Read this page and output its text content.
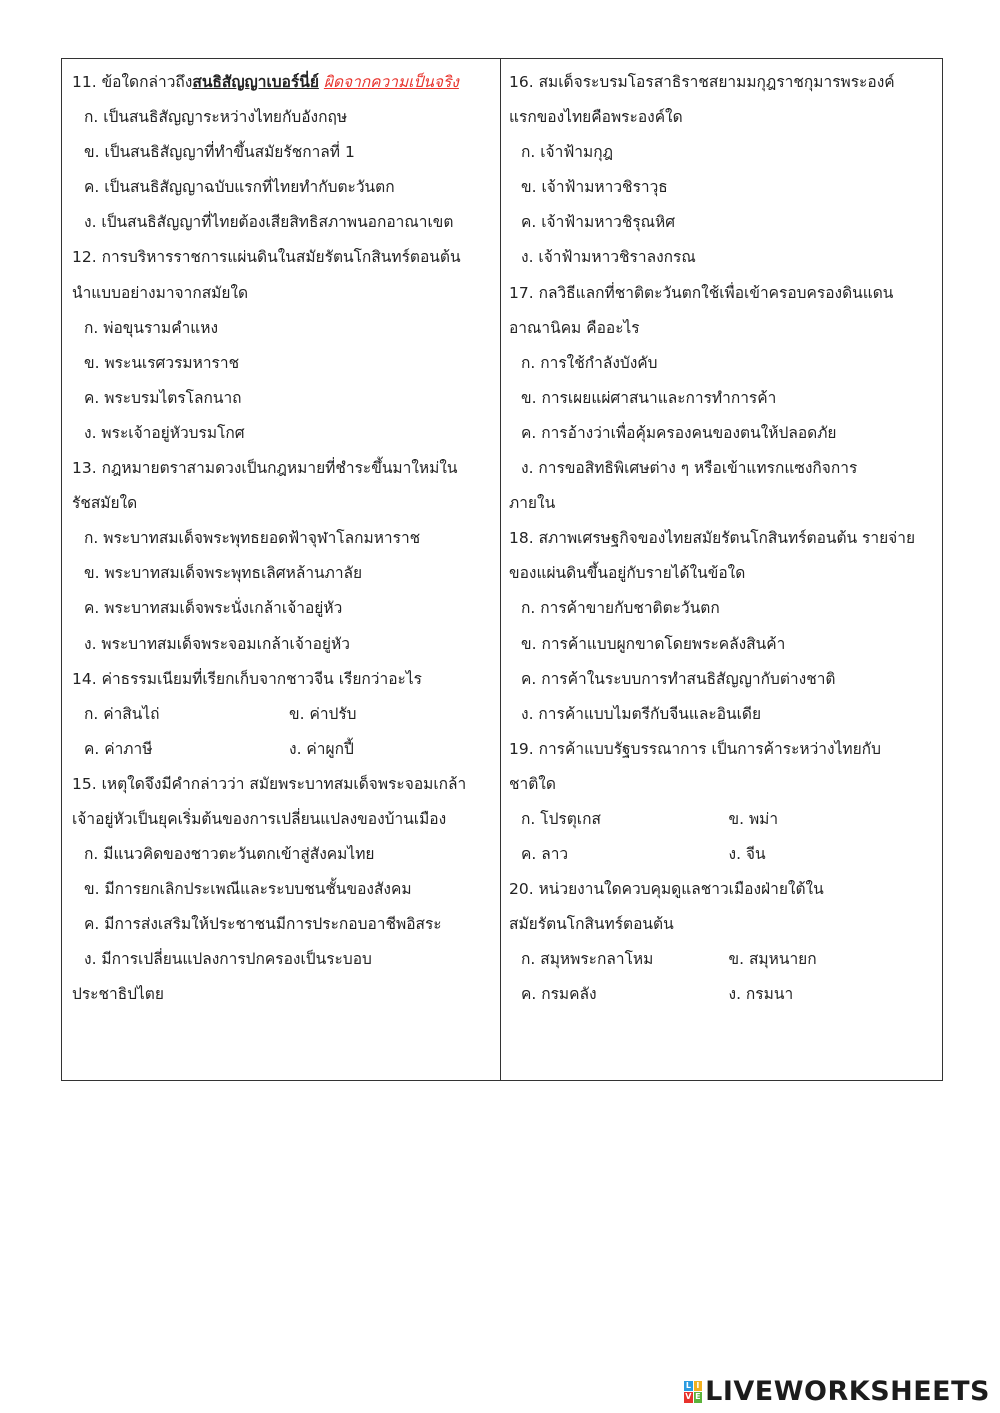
11. ข้อใดกล่าวถึงสนธิสัญญาเบอร์นี่ย์ ผิดจากความเป็นจริง
ก. เป็นสนธิสัญญาระหว่างไทยกับอังกฤษ
ข. เป็นสนธิสัญญาที่ทำขึ้นสมัยรัชกาลที่ 1
ค. เป็นสนธิสัญญาฉบับแรกที่ไทยทำกับตะวันตก
ง. เป็นสนธิสัญญาที่ไทยต้องเสียสิทธิสภาพนอกอาณาเขต
12. การบริหารราชการแผ่นดินในสมัยรัตนโกสินทร์ตอนต้น
นำแบบอย่างมาจากสมัยใด
ก. พ่อขุนรามคำแหง
ข. พระนเรศวรมหาราช
ค. พระบรมไตรโลกนาถ
ง. พระเจ้าอยู่หัวบรมโกศ
13. กฎหมายตราสามดวงเป็นกฎหมายที่ชำระขึ้นมาใหม่ใน
รัชสมัยใด
ก. พระบาทสมเด็จพระพุทธยอดฟ้าจุฬาโลกมหาราช
ข. พระบาทสมเด็จพระพุทธเลิศหล้านภาลัย
ค. พระบาทสมเด็จพระนั่งเกล้าเจ้าอยู่หัว
ง. พระบาทสมเด็จพระจอมเกล้าเจ้าอยู่หัว
14. ค่าธรรมเนียมที่เรียกเก็บจากชาวจีน เรียกว่าอะไร
ก. ค่าสินไถ่	ข. ค่าปรับ
ค. ค่าภาษี	ง. ค่าผูกปี้
15. เหตุใดจึงมีคำกล่าวว่า สมัยพระบาทสมเด็จพระจอมเกล้า
เจ้าอยู่หัวเป็นยุคเริ่มต้นของการเปลี่ยนแปลงของบ้านเมือง
ก. มีแนวคิดของชาวตะวันตกเข้าสู่สังคมไทย
ข. มีการยกเลิกประเพณีและระบบชนชั้นของสังคม
ค. มีการส่งเสริมให้ประชาชนมีการประกอบอาชีพอิสระ
ง. มีการเปลี่ยนแปลงการปกครองเป็นระบอบ
ประชาธิปไตย
16. สมเด็จระบรมโอรสาธิราชสยามมกุฎราชกุมารพระองค์
แรกของไทยคือพระองค์ใด
ก. เจ้าฟ้ามกุฎ
ข. เจ้าฟ้ามหาวชิราวุธ
ค. เจ้าฟ้ามหาวชิรุณหิศ
ง. เจ้าฟ้ามหาวชิราลงกรณ
17. กลวิธีแลกที่ชาติตะวันตกใช้เพื่อเข้าครอบครองดินแดน
อาณานิคม คืออะไร
ก. การใช้กำลังบังคับ
ข. การเผยแผ่ศาสนาและการทำการค้า
ค. การอ้างว่าเพื่อคุ้มครองคนของตนให้ปลอดภัย
ง. การขอสิทธิพิเศษต่าง ๆ หรือเข้าแทรกแซงกิจการ
ภายใน
18. สภาพเศรษฐกิจของไทยสมัยรัตนโกสินทร์ตอนต้น รายจ่าย
ของแผ่นดินขึ้นอยู่กับรายได้ในข้อใด
ก. การค้าขายกับชาติตะวันตก
ข. การค้าแบบผูกขาดโดยพระคลังสินค้า
ค. การค้าในระบบการทำสนธิสัญญากับต่างชาติ
ง. การค้าแบบไมตรีกับจีนและอินเดีย
19. การค้าแบบรัฐบรรณาการ เป็นการค้าระหว่างไทยกับ
ชาติใด
ก. โปรตุเกส	ข. พม่า
ค. ลาว	ง. จีน
20. หน่วยงานใดควบคุมดูแลชาวเมืองฝ่ายใต้ใน
สมัยรัตนโกสินทร์ตอนต้น
ก. สมุหพระกลาโหม	ข. สมุหนายก
ค. กรมคลัง	ง. กรมนา
L I
V E LIVEWORKSHEETS
